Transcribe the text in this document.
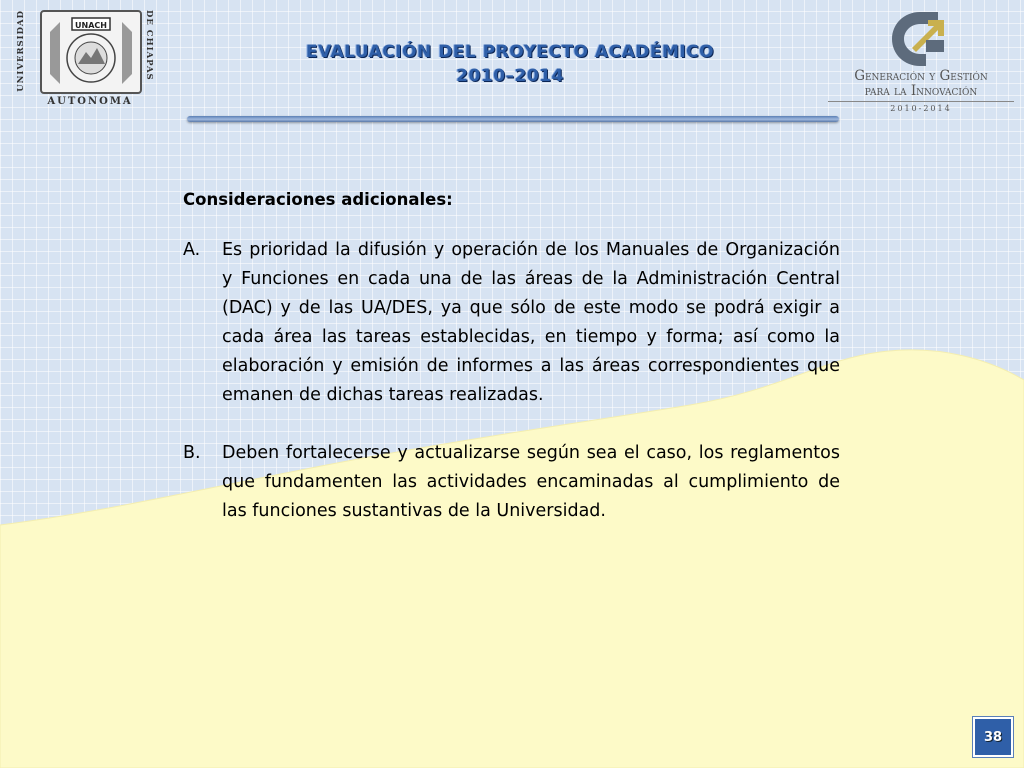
UNIVERSIDAD	UNACH	DE CHIAPAS
AUTONOMA
EVALUACIÓN DEL PROYECTO ACADÉMICO
2010–2014	Generación y Gestión
para la Innovación
2010-2014

Consideraciones adicionales:

A.	Es prioridad la difusión y operación de los Manuales de Organización y Funciones en cada una de las áreas de la Administración Central (DAC) y de las UA/DES, ya que sólo de este modo se podrá exigir a cada área las tareas establecidas, en tiempo y forma; así como la elaboración y emisión de informes a las áreas correspondientes que emanen de dichas tareas realizadas.
B.	Deben fortalecerse y actualizarse según sea el caso, los reglamentos que fundamenten las actividades encaminadas al cumplimiento de las funciones sustantivas de la Universidad.
38
